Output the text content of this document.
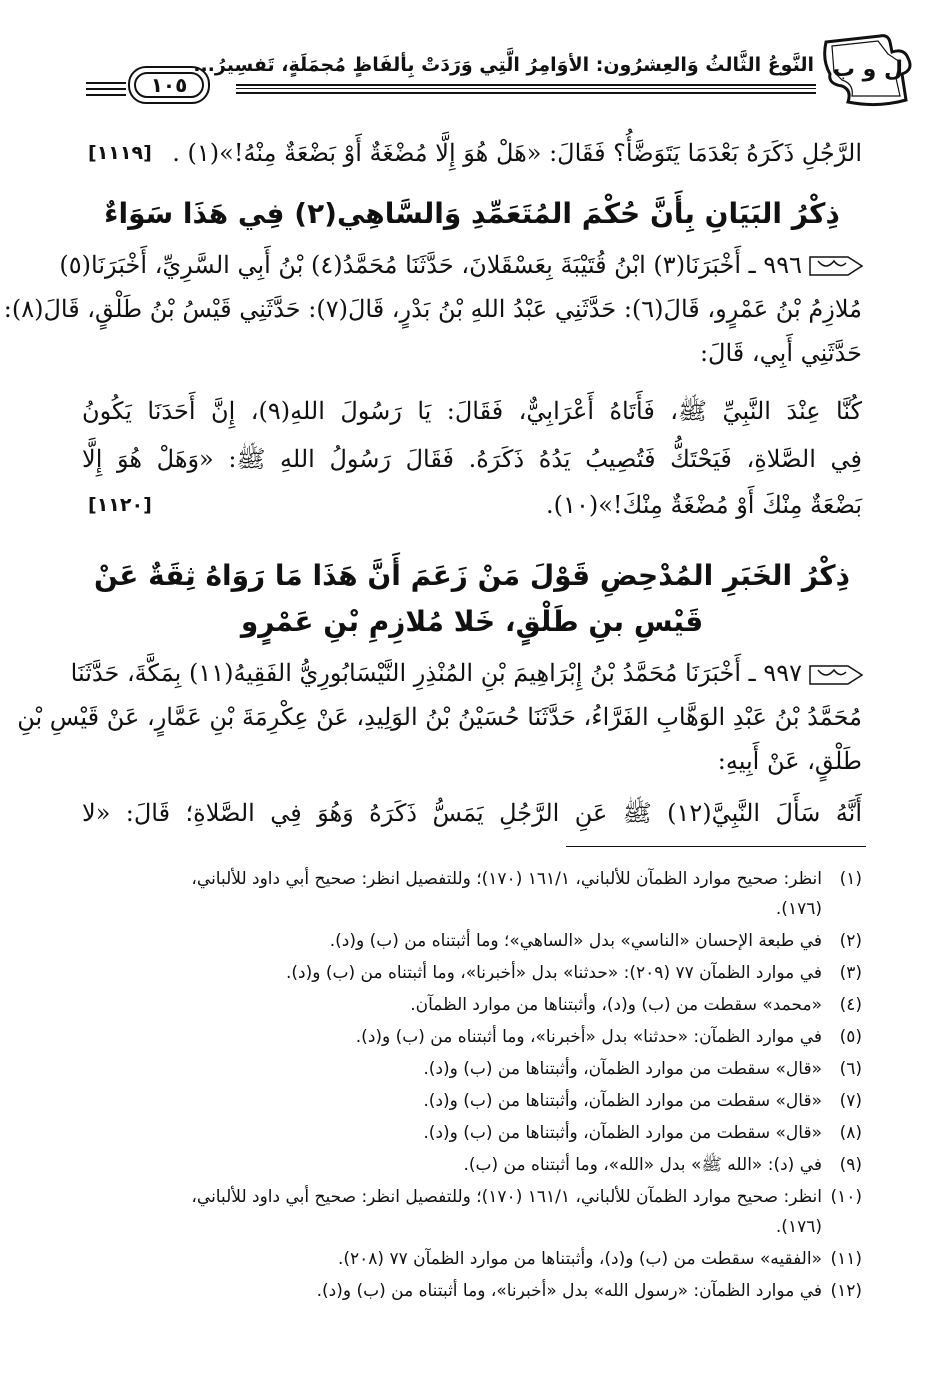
ل و ب
النَّوعُ الثَّالثُ وَالعِشرُون: الأوَامِرُ الَّتِي وَرَدَتْ بِألفَاظٍ مُجمَلَةٍ، تَفسِيرُ...
١٠٥
الرَّجُلِ ذَكَرَهُ بَعْدَمَا يَتَوَضَّأُ؟ فَقَالَ: «هَلْ هُوَ إِلَّا مُضْغَةٌ أَوْ بَضْعَةٌ مِنْهُ!»(١) .
[١١١٩]
ذِكْرُ البَيَانِ بِأَنَّ حُكْمَ المُتَعَمِّدِ وَالسَّاهِي(٢) فِي هَذَا سَوَاءٌ
٩٩٦ ـ أَخْبَرَنَا(٣) ابْنُ قُتَيْبَةَ بِعَسْقَلانَ، حَدَّثَنَا مُحَمَّدُ(٤) بْنُ أَبِي السَّرِيِّ، أَخْبَرَنَا(٥)
مُلازِمُ بْنُ عَمْرٍو، قَالَ(٦): حَدَّثَنِي عَبْدُ اللهِ بْنُ بَدْرٍ، قَالَ(٧): حَدَّثَنِي قَيْسُ بْنُ طَلْقٍ، قَالَ(٨):
حَدَّثَنِي أَبِي، قَالَ:
كُنَّا عِنْدَ النَّبِيِّ ﷺ، فَأَتَاهُ أَعْرَابِيٌّ، فَقَالَ: يَا رَسُولَ اللهِ(٩)، إِنَّ أَحَدَنَا يَكُونُ
فِي الصَّلاةِ، فَيَحْتَكُّ فَتُصِيبُ يَدُهُ ذَكَرَهُ. فَقَالَ رَسُولُ اللهِ ﷺ: «وَهَلْ هُوَ إِلَّا
بَضْعَةٌ مِنْكَ أَوْ مُضْغَةٌ مِنْكَ!»(١٠).
[١١٢٠]
ذِكْرُ الخَبَرِ المُدْحِضِ قَوْلَ مَنْ زَعَمَ أَنَّ هَذَا مَا رَوَاهُ ثِقَةٌ عَنْ
قَيْسِ بنِ طَلْقٍ، خَلا مُلازِمِ بْنِ عَمْرٍو
٩٩٧ ـ أَخْبَرَنَا مُحَمَّدُ بْنُ إِبْرَاهِيمَ بْنِ المُنْذِرِ النَّيْسَابُورِيُّ الفَقِيهُ(١١) بِمَكَّةَ، حَدَّثَنَا
مُحَمَّدُ بْنُ عَبْدِ الوَهَّابِ الفَرَّاءُ، حَدَّثَنَا حُسَيْنُ بْنُ الوَلِيدِ، عَنْ عِكْرِمَةَ بْنِ عَمَّارٍ، عَنْ قَيْسِ بْنِ
طَلْقٍ، عَنْ أَبِيهِ:
أَنَّهُ سَأَلَ النَّبِيَّ(١٢) ﷺ عَنِ الرَّجُلِ يَمَسُّ ذَكَرَهُ وَهُوَ فِي الصَّلاةِ؛ قَالَ: «لا
(١)انظر: صحيح موارد الظمآن للألباني، ١٦١/١ (١٧٠)؛ وللتفصيل انظر: صحيح أبي داود للألباني،
(١٧٦).
(٢)في طبعة الإحسان «الناسي» بدل «الساهي»؛ وما أثبتناه من (ب) و(د).
(٣)في موارد الظمآن ٧٧ (٢٠٩): «حدثنا» بدل «أخبرنا»، وما أثبتناه من (ب) و(د).
(٤)«محمد» سقطت من (ب) و(د)، وأثبتناها من موارد الظمآن.
(٥)في موارد الظمآن: «حدثنا» بدل «أخبرنا»، وما أثبتناه من (ب) و(د).
(٦)«قال» سقطت من موارد الظمآن، وأثبتناها من (ب) و(د).
(٧)«قال» سقطت من موارد الظمآن، وأثبتناها من (ب) و(د).
(٨)«قال» سقطت من موارد الظمآن، وأثبتناها من (ب) و(د).
(٩)في (د): «الله ﷺ» بدل «الله»، وما أثبتناه من (ب).
(١٠)انظر: صحيح موارد الظمآن للألباني، ١٦١/١ (١٧٠)؛ وللتفصيل انظر: صحيح أبي داود للألباني،
(١٧٦).
(١١)«الفقيه» سقطت من (ب) و(د)، وأثبتناها من موارد الظمآن ٧٧ (٢٠٨).
(١٢)في موارد الظمآن: «رسول الله» بدل «أخبرنا»، وما أثبتناه من (ب) و(د).
